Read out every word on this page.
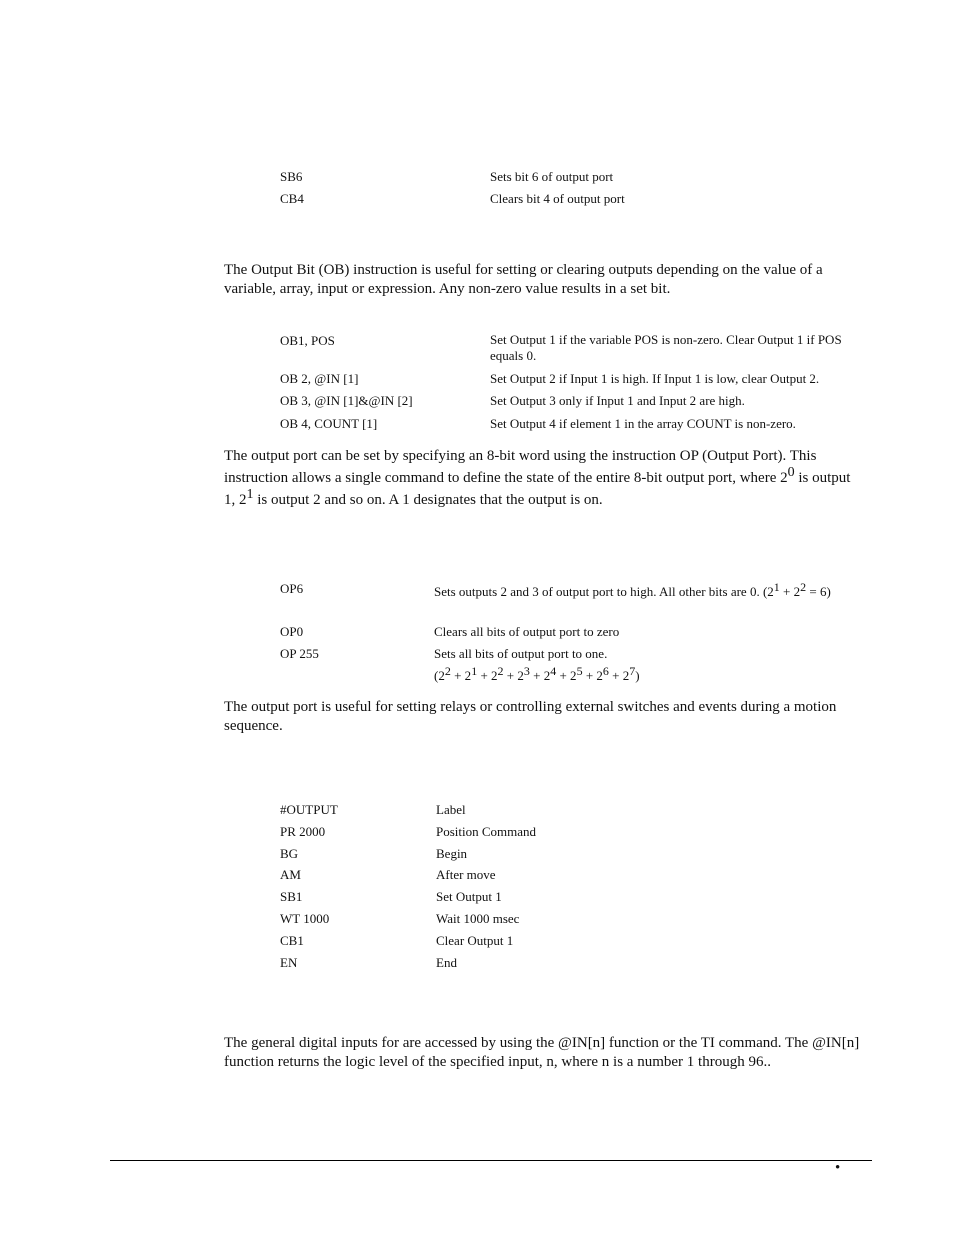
SB6	Sets bit 6 of output port
CB4	Clears bit 4 of output port
The Output Bit (OB) instruction is useful for setting or clearing outputs depending on the value of a variable, array, input or expression. Any non-zero value results in a set bit.
OB1, POS	Set Output 1 if the variable POS is non-zero. Clear Output 1 if POS equals 0.
OB 2, @IN [1]	Set Output 2 if Input 1 is high. If Input 1 is low, clear Output 2.
OB 3, @IN [1]&@IN [2]	Set Output 3 only if Input 1 and Input 2 are high.
OB 4, COUNT [1]	Set Output 4 if element 1 in the array COUNT is non-zero.
The output port can be set by specifying an 8-bit word using the instruction OP (Output Port). This instruction allows a single command to define the state of the entire 8-bit output port, where $2^0$ is output 1, $2^1$ is output 2 and so on. A 1 designates that the output is on.
OP6	Sets outputs 2 and 3 of output port to high. All other bits are 0. $(2^1 + 2^2 = 6)$
OP0	Clears all bits of output port to zero
OP 255	Sets all bits of output port to one.
$(2^2 + 2^1 + 2^2 + 2^3 + 2^4 + 2^5 + 2^6 + 2^7)$
The output port is useful for setting relays or controlling external switches and events during a motion sequence.
#OUTPUT	Label
PR 2000	Position Command
BG	Begin
AM	After move
SB1	Set Output 1
WT 1000	Wait 1000 msec
CB1	Clear Output 1
EN	End
The general digital inputs for are accessed by using the @IN[n] function or the TI command. The @IN[n] function returns the logic level of the specified input, n, where n is a number 1 through 96..
•
